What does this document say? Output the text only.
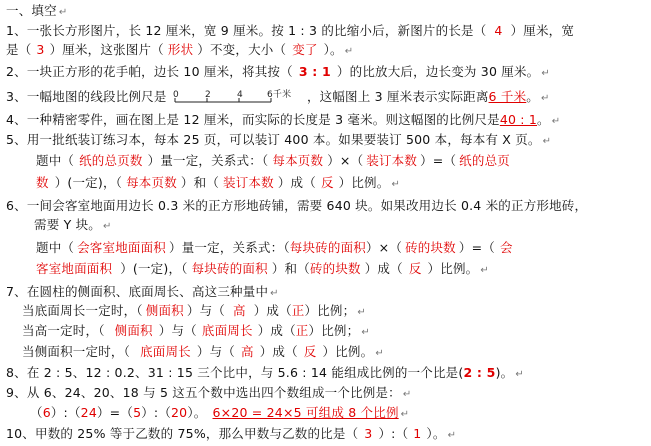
一、填空 ↵
1、一张长方形图片，长 12 厘米，宽 9 厘米。按 1 : 3 的比缩小后，新图片的长是（ 4 ）厘米，宽
是（ 3 ）厘米，这张图片（ 形状 ）不变，大小（ 变了 ）。 ↵
2、一块正方形的花手帕，边长 10 厘米，将其按（ 3 : 1 ）的比放大后，边长变为 30 厘米。 ↵
3、一幅地图的线段比例尺是 0	2	4	6千米 ，这幅图上 3 厘米表示实际距离6 千米。 ↵
4、一种精密零件，画在图上是 12 厘米，而实际的长度是 3 毫米。则这幅图的比例尺是40 : 1。 ↵
5、用一批纸装订练习本，每本 25 页，可以装订 400 本。如果要装订 500 本，每本有 X 页。 ↵
题中（ 纸的总页数 ）量一定，关系式：（ 每本页数 ）×（ 装订本数 ）=（ 纸的总页
数 ）(一定)，（ 每本页数 ）和（ 装订本数 ）成（ 反 ）比例。 ↵
6、一间会客室地面用边长 0.3 米的正方形地砖铺，需要 640 块。如果改用边长 0.4 米的正方形地砖，
需要 Y 块。 ↵
题中（ 会客室地面面积 ）量一定，关系式：（每块砖的面积）×（ 砖的块数 ）=（ 会
客室地面面积 ）(一定)，（ 每块砖的面积 ）和（砖的块数 ）成（ 反 ）比例。 ↵
7、在圆柱的侧面积、底面周长、高这三种量中 ↵
当底面周长一定时，（ 侧面积 ）与（ 高 ）成（正）比例； ↵
当高一定时，（ 侧面积 ）与（ 底面周长 ）成（正）比例； ↵
当侧面积一定时，（ 底面周长 ）与（ 高 ）成（ 反 ）比例。 ↵
8、在 2 : 5、12 : 0.2、31 : 15 三个比中，与 5.6 : 14 能组成比例的一个比是(2 : 5)。 ↵
9、从 6、24、20、18 与 5 这五个数中选出四个数组成一个比例是： ↵
（6）:（24）=（5）:（20）。 6×20 = 24×5 可组成 8 个比例 ↵
10、甲数的 25% 等于乙数的 75%，那么甲数与乙数的比是（ 3 ）:（ 1 ）。 ↵
